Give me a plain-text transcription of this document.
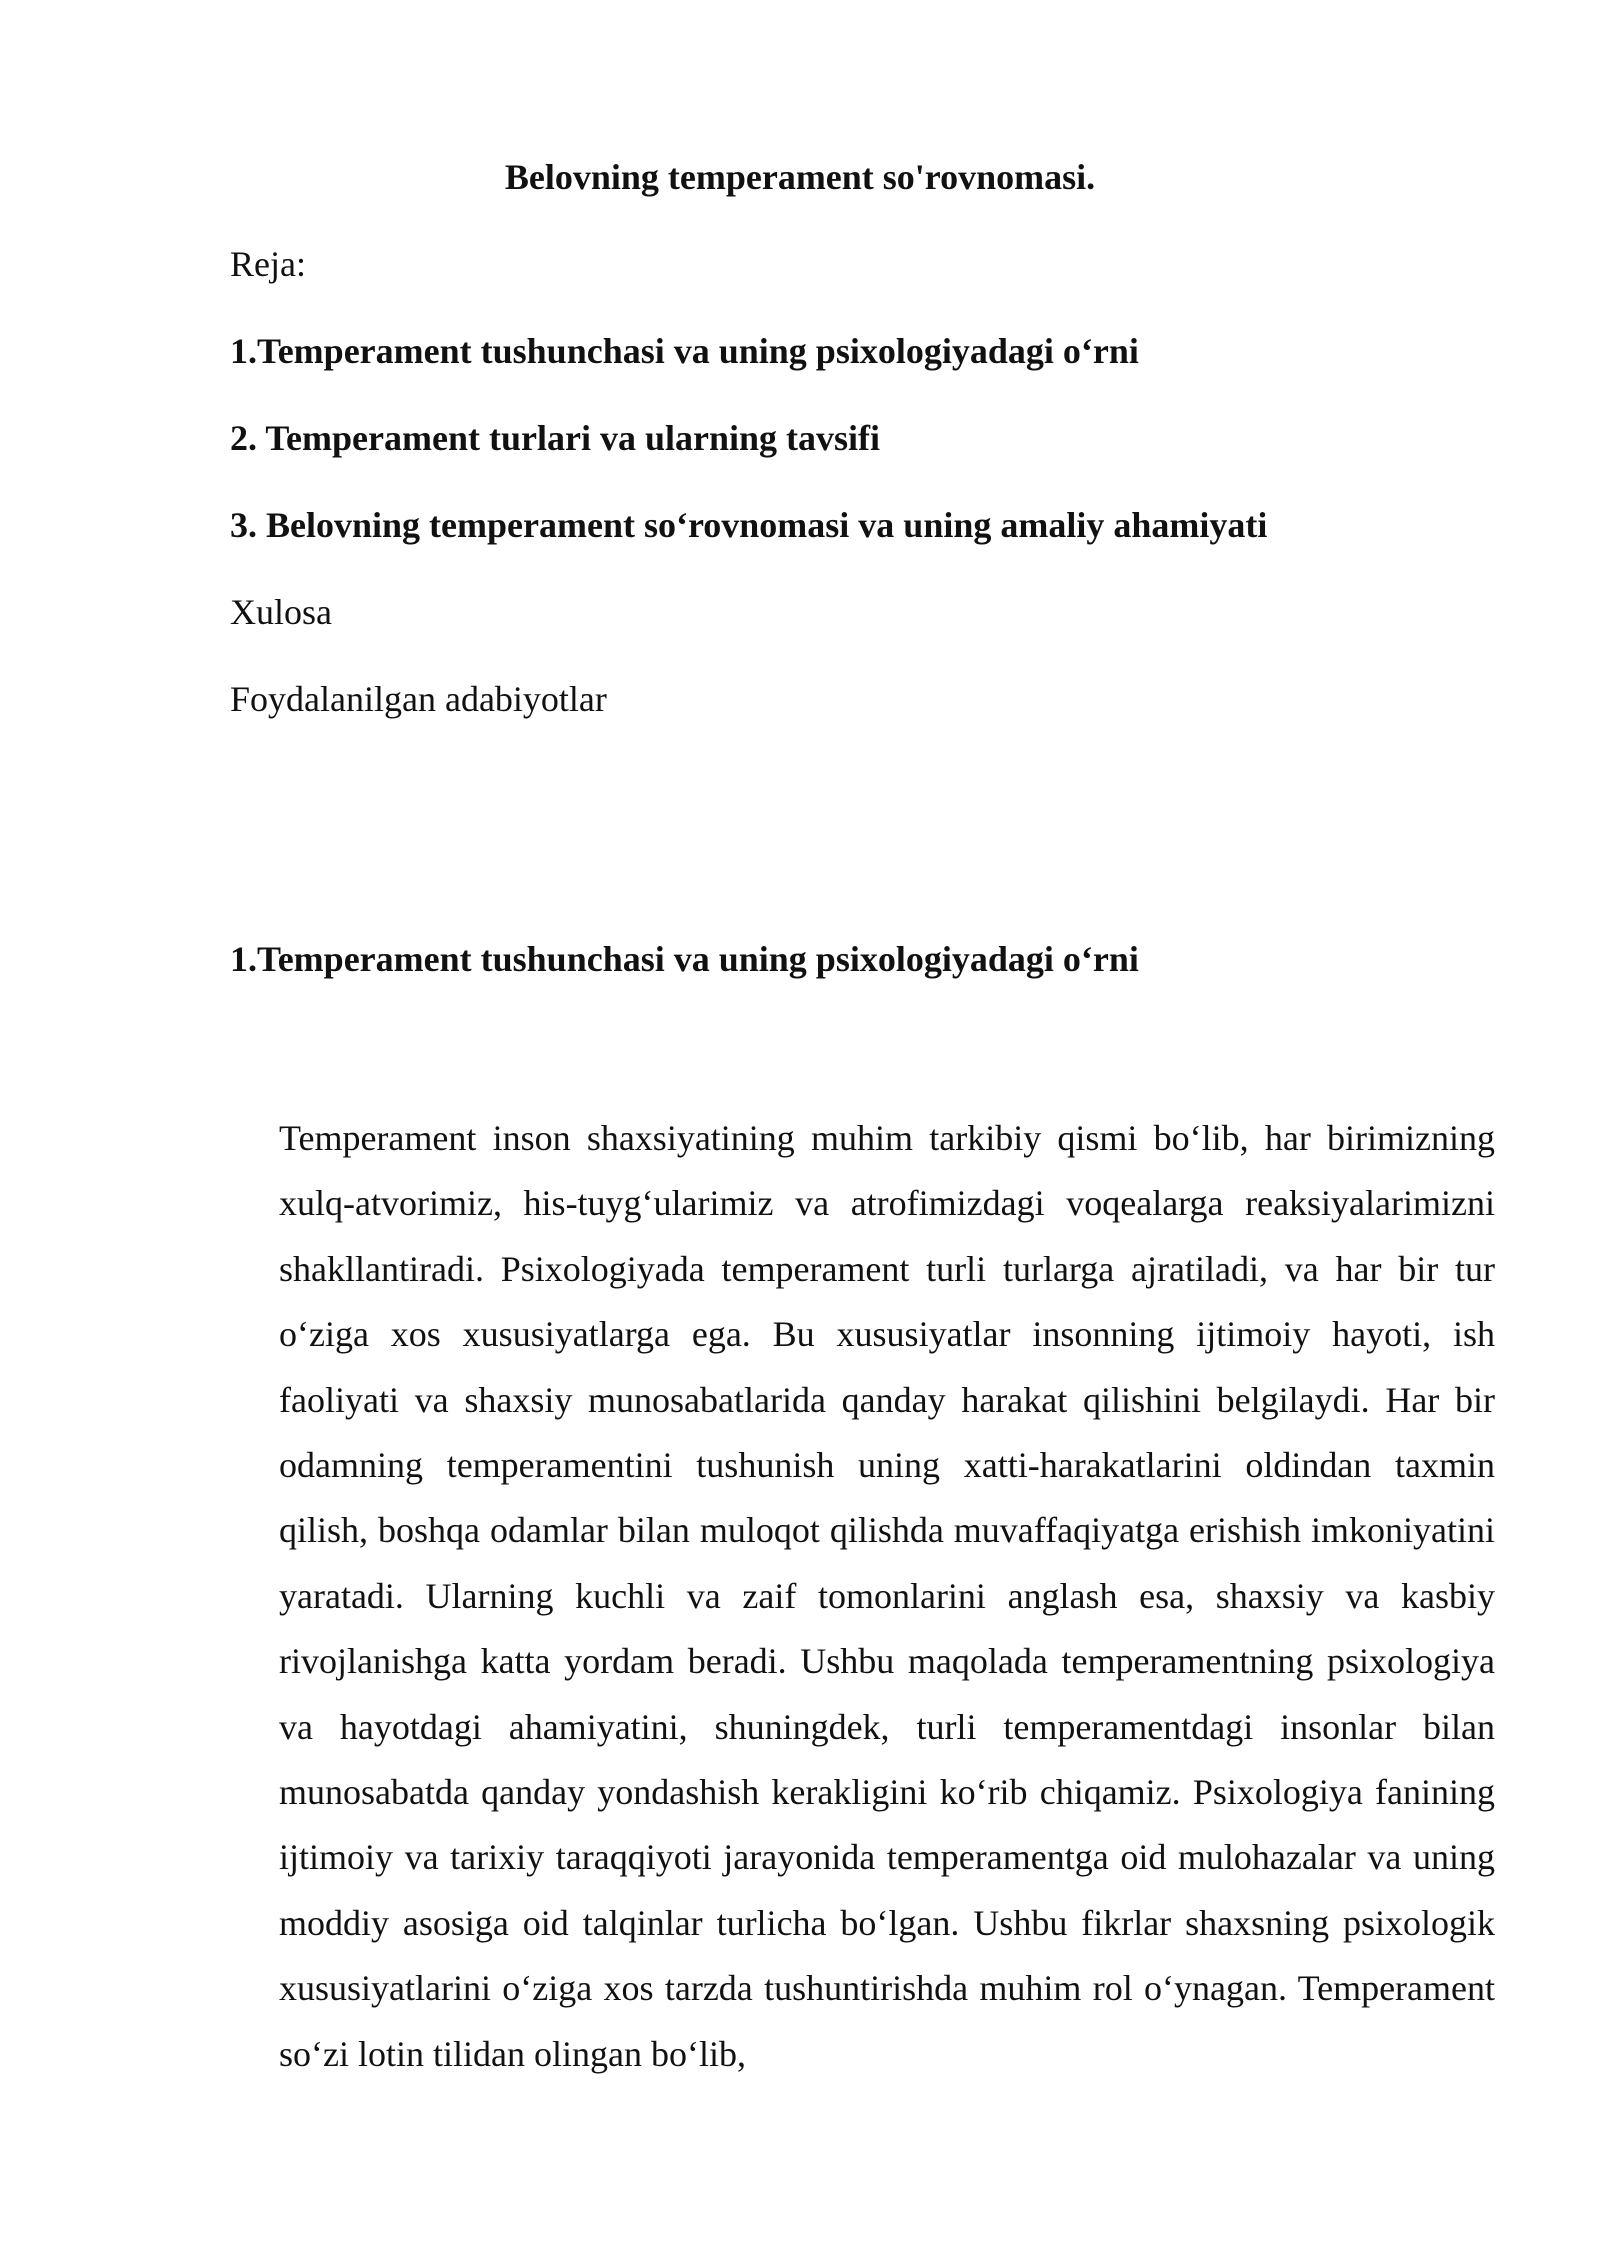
Belovning temperament so'rovnomasi.
Reja:
1.Temperament tushunchasi va uning psixologiyadagi o‘rni
2. Temperament turlari va ularning tavsifi
3. Belovning temperament so‘rovnomasi va uning amaliy ahamiyati
Xulosa
Foydalanilgan adabiyotlar
1.Temperament tushunchasi va uning psixologiyadagi o‘rni

Temperament inson shaxsiyatining muhim tarkibiy qismi bo‘lib, har birimizning xulq-atvorimiz, his-tuyg‘ularimiz va atrofimizdagi voqealarga reaksiyalarimizni shakllantiradi. Psixologiyada temperament turli turlarga ajratiladi, va har bir tur o‘ziga xos xususiyatlarga ega. Bu xususiyatlar insonning ijtimoiy hayoti, ish faoliyati va shaxsiy munosabatlarida qanday harakat qilishini belgilaydi. Har bir odamning temperamentini tushunish uning xatti-harakatlarini oldindan taxmin qilish, boshqa odamlar bilan muloqot qilishda muvaffaqiyatga erishish imkoniyatini yaratadi. Ularning kuchli va zaif tomonlarini anglash esa, shaxsiy va kasbiy rivojlanishga katta yordam beradi. Ushbu maqolada temperamentning psixologiya va hayotdagi ahamiyatini, shuningdek, turli temperamentdagi insonlar bilan munosabatda qanday yondashish kerakligini ko‘rib chiqamiz. Psixologiya fanining ijtimoiy va tarixiy taraqqiyoti jarayonida temperamentga oid mulohazalar va uning moddiy asosiga oid talqinlar turlicha bo‘lgan. Ushbu fikrlar shaxsning psixologik xususiyatlarini o‘ziga xos tarzda tushuntirishda muhim rol o‘ynagan. Temperament so‘zi lotin tilidan olingan bo‘lib,
